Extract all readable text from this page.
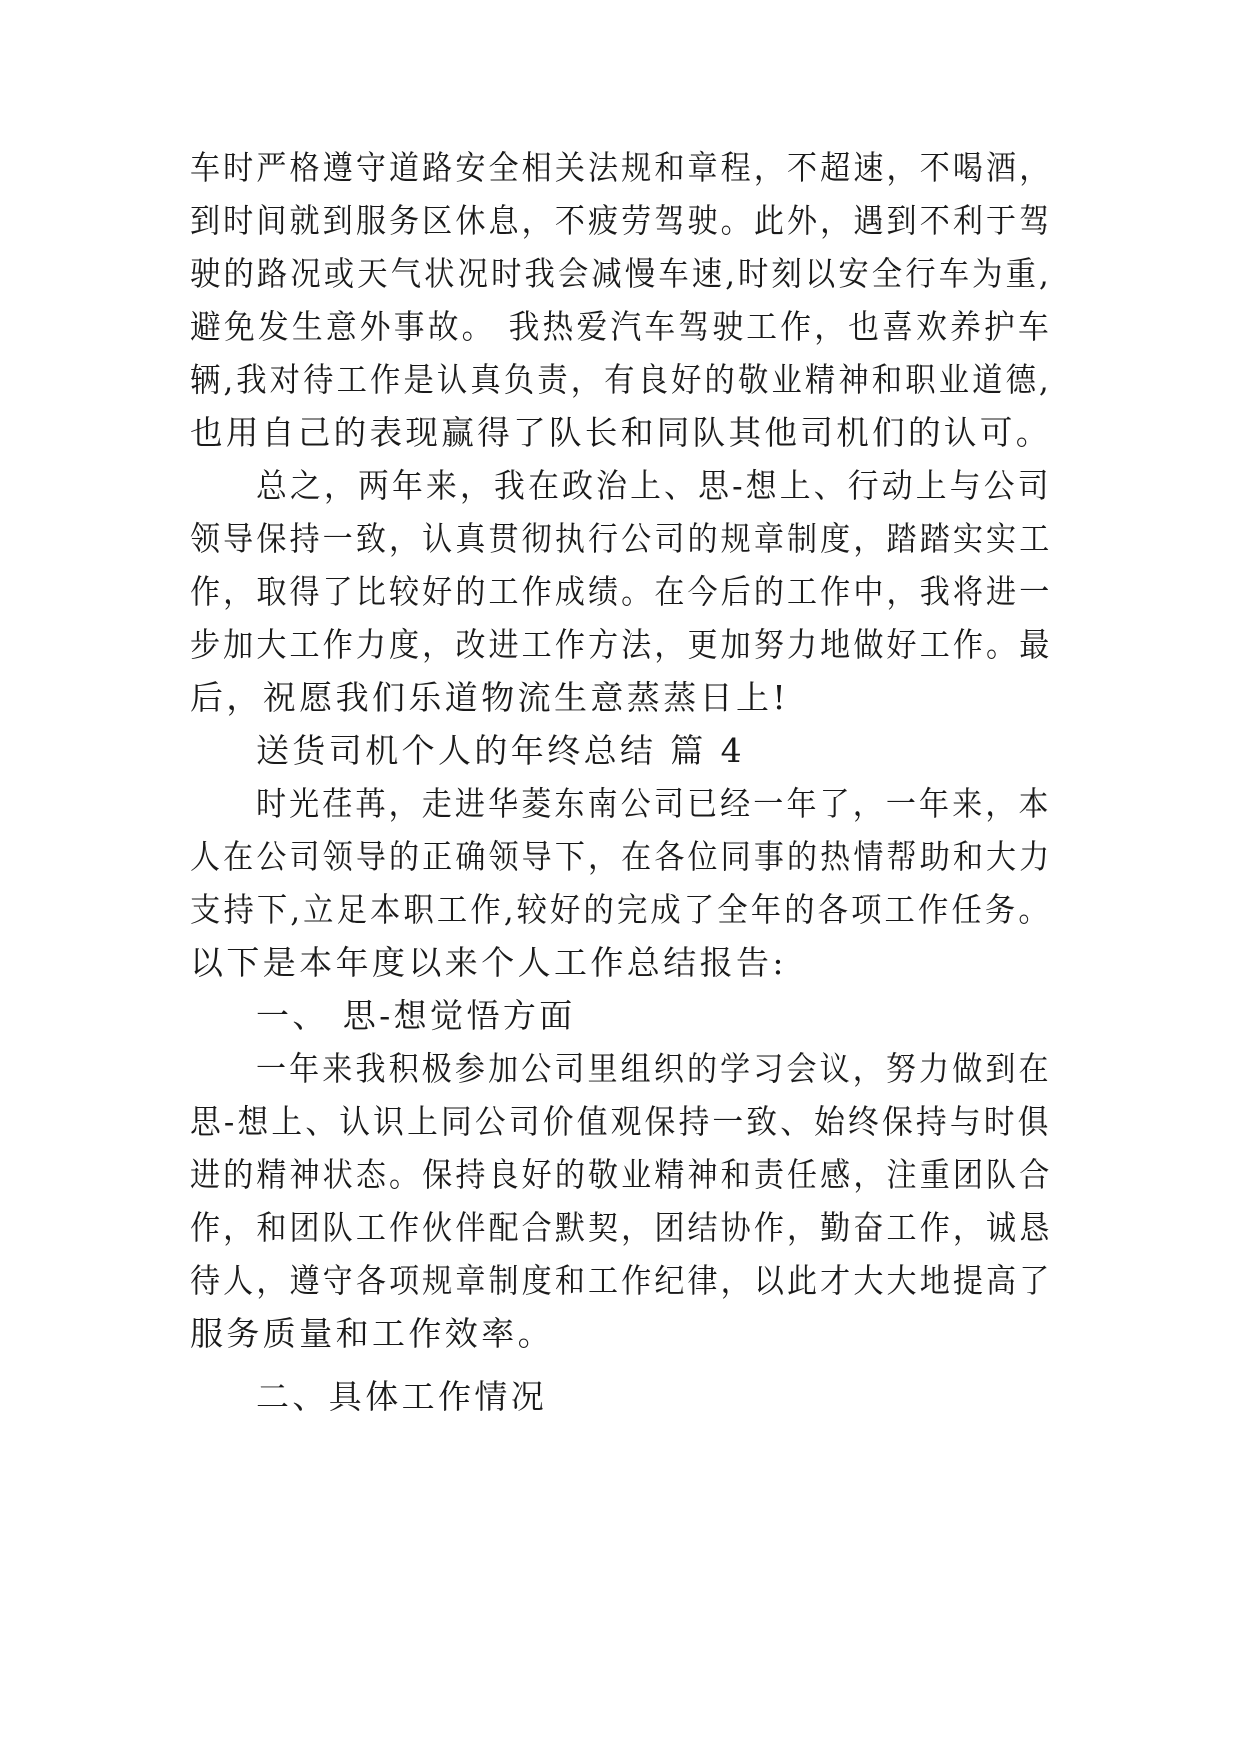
车时严格遵守道路安全相关法规和章程，不超速，不喝酒，
到时间就到服务区休息，不疲劳驾驶。此外，遇到不利于驾
驶的路况或天气状况时我会减慢车速,时刻以安全行车为重,
避免发生意外事故。 我热爱汽车驾驶工作，也喜欢养护车
辆,我对待工作是认真负责，有良好的敬业精神和职业道德,
也用自己的表现赢得了队长和同队其他司机们的认可。
总之，两年来，我在政治上、思-想上、行动上与公司
领导保持一致，认真贯彻执行公司的规章制度，踏踏实实工
作，取得了比较好的工作成绩。在今后的工作中，我将进一
步加大工作力度，改进工作方法，更加努力地做好工作。最
后，祝愿我们乐道物流生意蒸蒸日上!
送货司机个人的年终总结 篇 4
时光荏苒，走进华菱东南公司已经一年了，一年来，本
人在公司领导的正确领导下，在各位同事的热情帮助和大力
支持下,立足本职工作,较好的完成了全年的各项工作任务。
以下是本年度以来个人工作总结报告:
一、 思-想觉悟方面
一年来我积极参加公司里组织的学习会议，努力做到在
思-想上、认识上同公司价值观保持一致、始终保持与时俱
进的精神状态。保持良好的敬业精神和责任感，注重团队合
作，和团队工作伙伴配合默契，团结协作，勤奋工作，诚恳
待人，遵守各项规章制度和工作纪律，以此才大大地提高了
服务质量和工作效率。
二、具体工作情况
